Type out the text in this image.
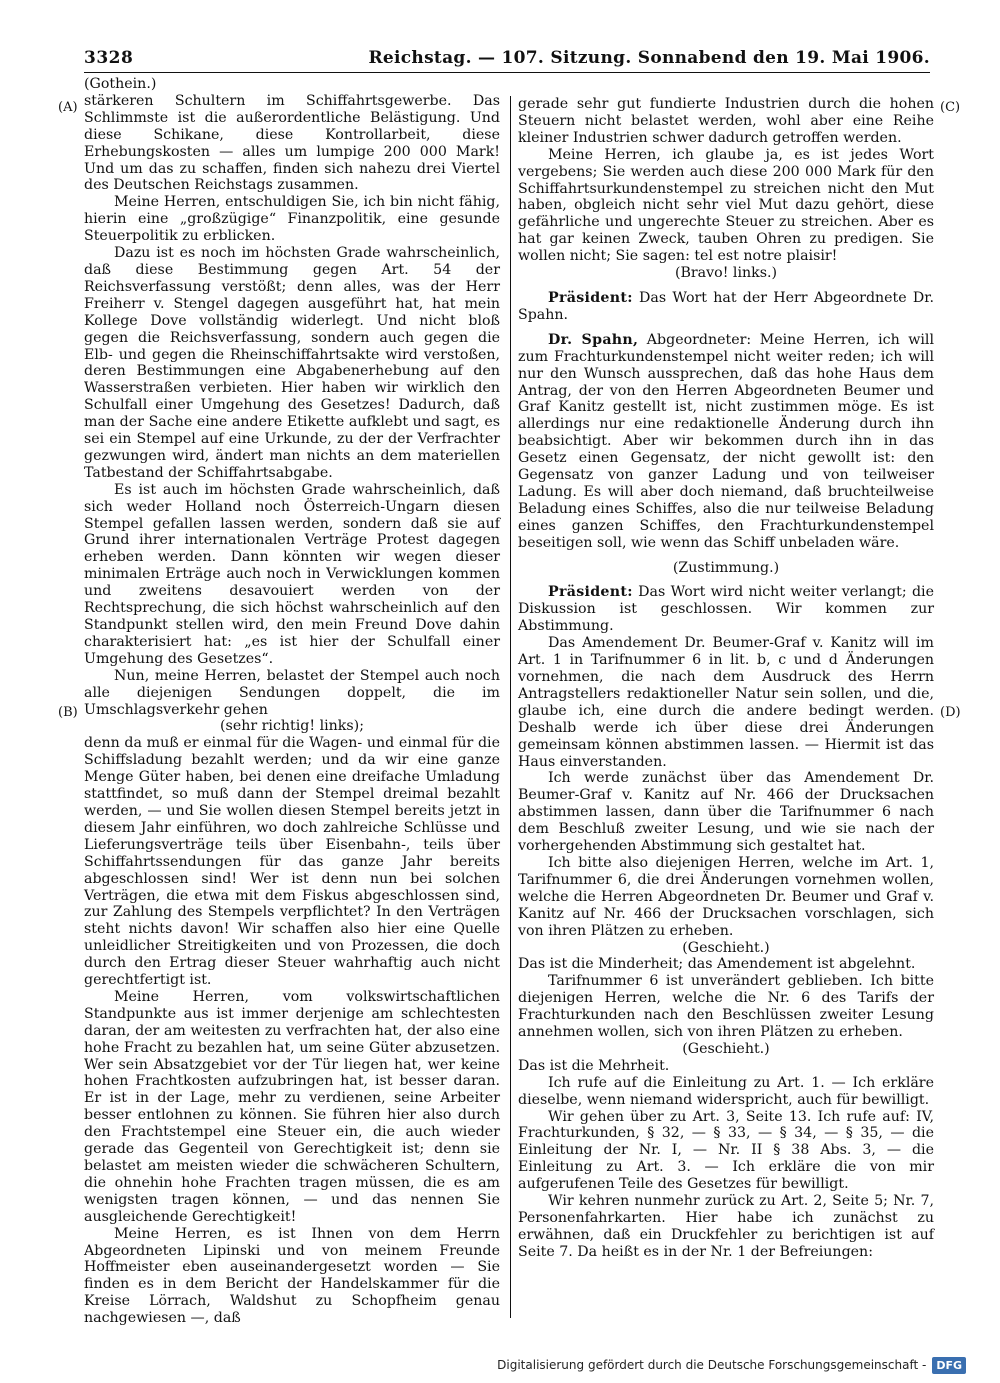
3328	Reichstag. — 107. Sitzung. Sonnabend den 19. Mai 1906.
(A)
(B)
(C)
(D)

(Gothein.)

stärkeren Schultern im Schiffahrtsgewerbe. Das Schlimmste ist die außerordentliche Belästigung. Und diese Schikane, diese Kontrollarbeit, diese Erhebungskosten — alles um lumpige 200 000 Mark! Und um das zu schaffen, finden sich nahezu drei Viertel des Deutschen Reichstags zusammen.

Meine Herren, entschuldigen Sie, ich bin nicht fähig, hierin eine „großzügige“ Finanzpolitik, eine gesunde Steuerpolitik zu erblicken.

Dazu ist es noch im höchsten Grade wahrscheinlich, daß diese Bestimmung gegen Art. 54 der Reichsverfassung verstößt; denn alles, was der Herr Freiherr v. Stengel dagegen ausgeführt hat, hat mein Kollege Dove vollständig widerlegt. Und nicht bloß gegen die Reichsverfassung, sondern auch gegen die Elb- und gegen die Rheinschiffahrtsakte wird verstoßen, deren Bestimmungen eine Abgabenerhebung auf den Wasserstraßen verbieten. Hier haben wir wirklich den Schulfall einer Umgehung des Gesetzes! Dadurch, daß man der Sache eine andere Etikette aufklebt und sagt, es sei ein Stempel auf eine Urkunde, zu der der Verfrachter gezwungen wird, ändert man nichts an dem materiellen Tatbestand der Schiffahrtsabgabe.

Es ist auch im höchsten Grade wahrscheinlich, daß sich weder Holland noch Österreich-Ungarn diesen Stempel gefallen lassen werden, sondern daß sie auf Grund ihrer internationalen Verträge Protest dagegen erheben werden. Dann könnten wir wegen dieser minimalen Erträge auch noch in Verwicklungen kommen und zweitens desavouiert werden von der Rechtsprechung, die sich höchst wahrscheinlich auf den Standpunkt stellen wird, den mein Freund Dove dahin charakterisiert hat: „es ist hier der Schulfall einer Umgehung des Gesetzes“.

Nun, meine Herren, belastet der Stempel auch noch alle diejenigen Sendungen doppelt, die im Umschlagsverkehr gehen

(sehr richtig! links);

denn da muß er einmal für die Wagen- und einmal für die Schiffsladung bezahlt werden; und da wir eine ganze Menge Güter haben, bei denen eine dreifache Umladung stattfindet, so muß dann der Stempel dreimal bezahlt werden, — und Sie wollen diesen Stempel bereits jetzt in diesem Jahr einführen, wo doch zahlreiche Schlüsse und Lieferungsverträge teils über Eisenbahn-, teils über Schiffahrtssendungen für das ganze Jahr bereits abgeschlossen sind! Wer ist denn nun bei solchen Verträgen, die etwa mit dem Fiskus abgeschlossen sind, zur Zahlung des Stempels verpflichtet? In den Verträgen steht nichts davon! Wir schaffen also hier eine Quelle unleidlicher Streitigkeiten und von Prozessen, die doch durch den Ertrag dieser Steuer wahrhaftig auch nicht gerechtfertigt ist.

Meine Herren, vom volkswirtschaftlichen Standpunkte aus ist immer derjenige am schlechtesten daran, der am weitesten zu verfrachten hat, der also eine hohe Fracht zu bezahlen hat, um seine Güter abzusetzen. Wer sein Absatzgebiet vor der Tür liegen hat, wer keine hohen Frachtkosten aufzubringen hat, ist besser daran. Er ist in der Lage, mehr zu verdienen, seine Arbeiter besser entlohnen zu können. Sie führen hier also durch den Frachtstempel eine Steuer ein, die auch wieder gerade das Gegenteil von Gerechtigkeit ist; denn sie belastet am meisten wieder die schwächeren Schultern, die ohnehin hohe Frachten tragen müssen, die es am wenigsten tragen können, — und das nennen Sie ausgleichende Gerechtigkeit!

Meine Herren, es ist Ihnen von dem Herrn Abgeordneten Lipinski und von meinem Freunde Hoffmeister eben auseinandergesetzt worden — Sie finden es in dem Bericht der Handelskammer für die Kreise Lörrach, Waldshut zu Schopfheim genau nachgewiesen —, daß

gerade sehr gut fundierte Industrien durch die hohen Steuern nicht belastet werden, wohl aber eine Reihe kleiner Industrien schwer dadurch getroffen werden.

Meine Herren, ich glaube ja, es ist jedes Wort vergebens; Sie werden auch diese 200 000 Mark für den Schiffahrtsurkundenstempel zu streichen nicht den Mut haben, obgleich nicht sehr viel Mut dazu gehört, diese gefährliche und ungerechte Steuer zu streichen. Aber es hat gar keinen Zweck, tauben Ohren zu predigen. Sie wollen nicht; Sie sagen: tel est notre plaisir!

(Bravo! links.)

Präsident: Das Wort hat der Herr Abgeordnete Dr. Spahn.

Dr. Spahn, Abgeordneter: Meine Herren, ich will zum Frachturkundenstempel nicht weiter reden; ich will nur den Wunsch aussprechen, daß das hohe Haus dem Antrag, der von den Herren Abgeordneten Beumer und Graf Kanitz gestellt ist, nicht zustimmen möge. Es ist allerdings nur eine redaktionelle Änderung durch ihn beabsichtigt. Aber wir bekommen durch ihn in das Gesetz einen Gegensatz, der nicht gewollt ist: den Gegensatz von ganzer Ladung und von teilweiser Ladung. Es will aber doch niemand, daß bruchteilweise Beladung eines Schiffes, also die nur teilweise Beladung eines ganzen Schiffes, den Frachturkundenstempel beseitigen soll, wie wenn das Schiff unbeladen wäre.

(Zustimmung.)

Präsident: Das Wort wird nicht weiter verlangt; die Diskussion ist geschlossen. Wir kommen zur Abstimmung.

Das Amendement Dr. Beumer-Graf v. Kanitz will im Art. 1 in Tarifnummer 6 in lit. b, c und d Änderungen vornehmen, die nach dem Ausdruck des Herrn Antragstellers redaktioneller Natur sein sollen, und die, glaube ich, eine durch die andere bedingt werden. Deshalb werde ich über diese drei Änderungen gemeinsam können abstimmen lassen. — Hiermit ist das Haus einverstanden.

Ich werde zunächst über das Amendement Dr. Beumer-Graf v. Kanitz auf Nr. 466 der Drucksachen abstimmen lassen, dann über die Tarifnummer 6 nach dem Beschluß zweiter Lesung, und wie sie nach der vorhergehenden Abstimmung sich gestaltet hat.

Ich bitte also diejenigen Herren, welche im Art. 1, Tarifnummer 6, die drei Änderungen vornehmen wollen, welche die Herren Abgeordneten Dr. Beumer und Graf v. Kanitz auf Nr. 466 der Drucksachen vorschlagen, sich von ihren Plätzen zu erheben.

(Geschieht.)

Das ist die Minderheit; das Amendement ist abgelehnt.

Tarifnummer 6 ist unverändert geblieben. Ich bitte diejenigen Herren, welche die Nr. 6 des Tarifs der Frachturkunden nach den Beschlüssen zweiter Lesung annehmen wollen, sich von ihren Plätzen zu erheben.

(Geschieht.)

Das ist die Mehrheit.

Ich rufe auf die Einleitung zu Art. 1. — Ich erkläre dieselbe, wenn niemand widerspricht, auch für bewilligt.

Wir gehen über zu Art. 3, Seite 13. Ich rufe auf: IV, Frachturkunden, § 32, — § 33, — § 34, — § 35, — die Einleitung der Nr. I, — Nr. II § 38 Abs. 3, — die Einleitung zu Art. 3. — Ich erkläre die von mir aufgerufenen Teile des Gesetzes für bewilligt.

Wir kehren nunmehr zurück zu Art. 2, Seite 5; Nr. 7, Personenfahrkarten. Hier habe ich zunächst zu erwähnen, daß ein Druckfehler zu berichtigen ist auf Seite 7. Da heißt es in der Nr. 1 der Befreiungen:

Digitalisierung gefördert durch die Deutsche Forschungsgemeinschaft - DFG
